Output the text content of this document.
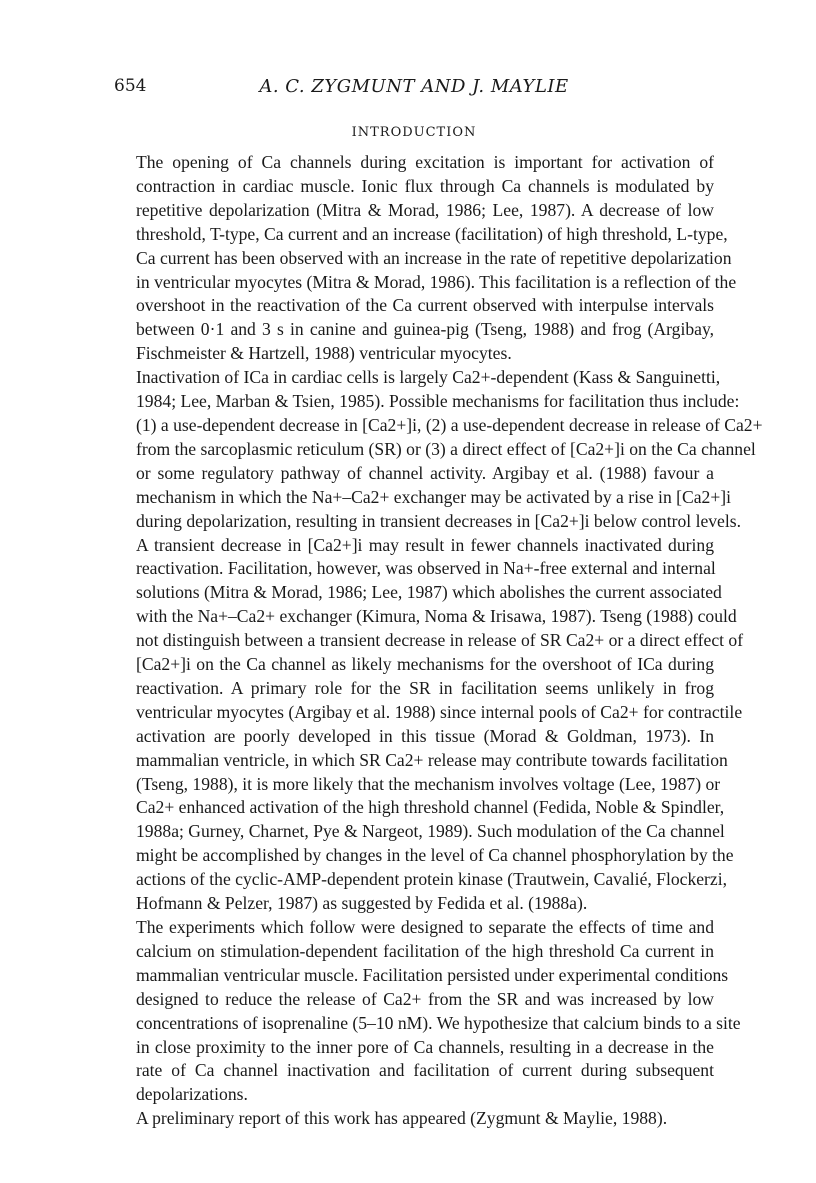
654	A. C. ZYGMUNT AND J. MAYLIE
INTRODUCTION

The opening of Ca channels during excitation is important for activation of
contraction in cardiac muscle. Ionic flux through Ca channels is modulated by
repetitive depolarization (Mitra & Morad, 1986; Lee, 1987). A decrease of low
threshold, T-type, Ca current and an increase (facilitation) of high threshold, L-type,
Ca current has been observed with an increase in the rate of repetitive depolarization
in ventricular myocytes (Mitra & Morad, 1986). This facilitation is a reflection of the
overshoot in the reactivation of the Ca current observed with interpulse intervals
between 0·1 and 3 s in canine and guinea-pig (Tseng, 1988) and frog (Argibay,
Fischmeister & Hartzell, 1988) ventricular myocytes.

Inactivation of ICa in cardiac cells is largely Ca2+-dependent (Kass & Sanguinetti,
1984; Lee, Marban & Tsien, 1985). Possible mechanisms for facilitation thus include:
(1) a use-dependent decrease in [Ca2+]i, (2) a use-dependent decrease in release of Ca2+
from the sarcoplasmic reticulum (SR) or (3) a direct effect of [Ca2+]i on the Ca channel
or some regulatory pathway of channel activity. Argibay et al. (1988) favour a
mechanism in which the Na+–Ca2+ exchanger may be activated by a rise in [Ca2+]i
during depolarization, resulting in transient decreases in [Ca2+]i below control levels.
A transient decrease in [Ca2+]i may result in fewer channels inactivated during
reactivation. Facilitation, however, was observed in Na+-free external and internal
solutions (Mitra & Morad, 1986; Lee, 1987) which abolishes the current associated
with the Na+–Ca2+ exchanger (Kimura, Noma & Irisawa, 1987). Tseng (1988) could
not distinguish between a transient decrease in release of SR Ca2+ or a direct effect of
[Ca2+]i on the Ca channel as likely mechanisms for the overshoot of ICa during
reactivation. A primary role for the SR in facilitation seems unlikely in frog
ventricular myocytes (Argibay et al. 1988) since internal pools of Ca2+ for contractile
activation are poorly developed in this tissue (Morad & Goldman, 1973). In
mammalian ventricle, in which SR Ca2+ release may contribute towards facilitation
(Tseng, 1988), it is more likely that the mechanism involves voltage (Lee, 1987) or
Ca2+ enhanced activation of the high threshold channel (Fedida, Noble & Spindler,
1988a; Gurney, Charnet, Pye & Nargeot, 1989). Such modulation of the Ca channel
might be accomplished by changes in the level of Ca channel phosphorylation by the
actions of the cyclic-AMP-dependent protein kinase (Trautwein, Cavalié, Flockerzi,
Hofmann & Pelzer, 1987) as suggested by Fedida et al. (1988a).

The experiments which follow were designed to separate the effects of time and
calcium on stimulation-dependent facilitation of the high threshold Ca current in
mammalian ventricular muscle. Facilitation persisted under experimental conditions
designed to reduce the release of Ca2+ from the SR and was increased by low
concentrations of isoprenaline (5–10 nM). We hypothesize that calcium binds to a site
in close proximity to the inner pore of Ca channels, resulting in a decrease in the
rate of Ca channel inactivation and facilitation of current during subsequent
depolarizations.

A preliminary report of this work has appeared (Zygmunt & Maylie, 1988).
